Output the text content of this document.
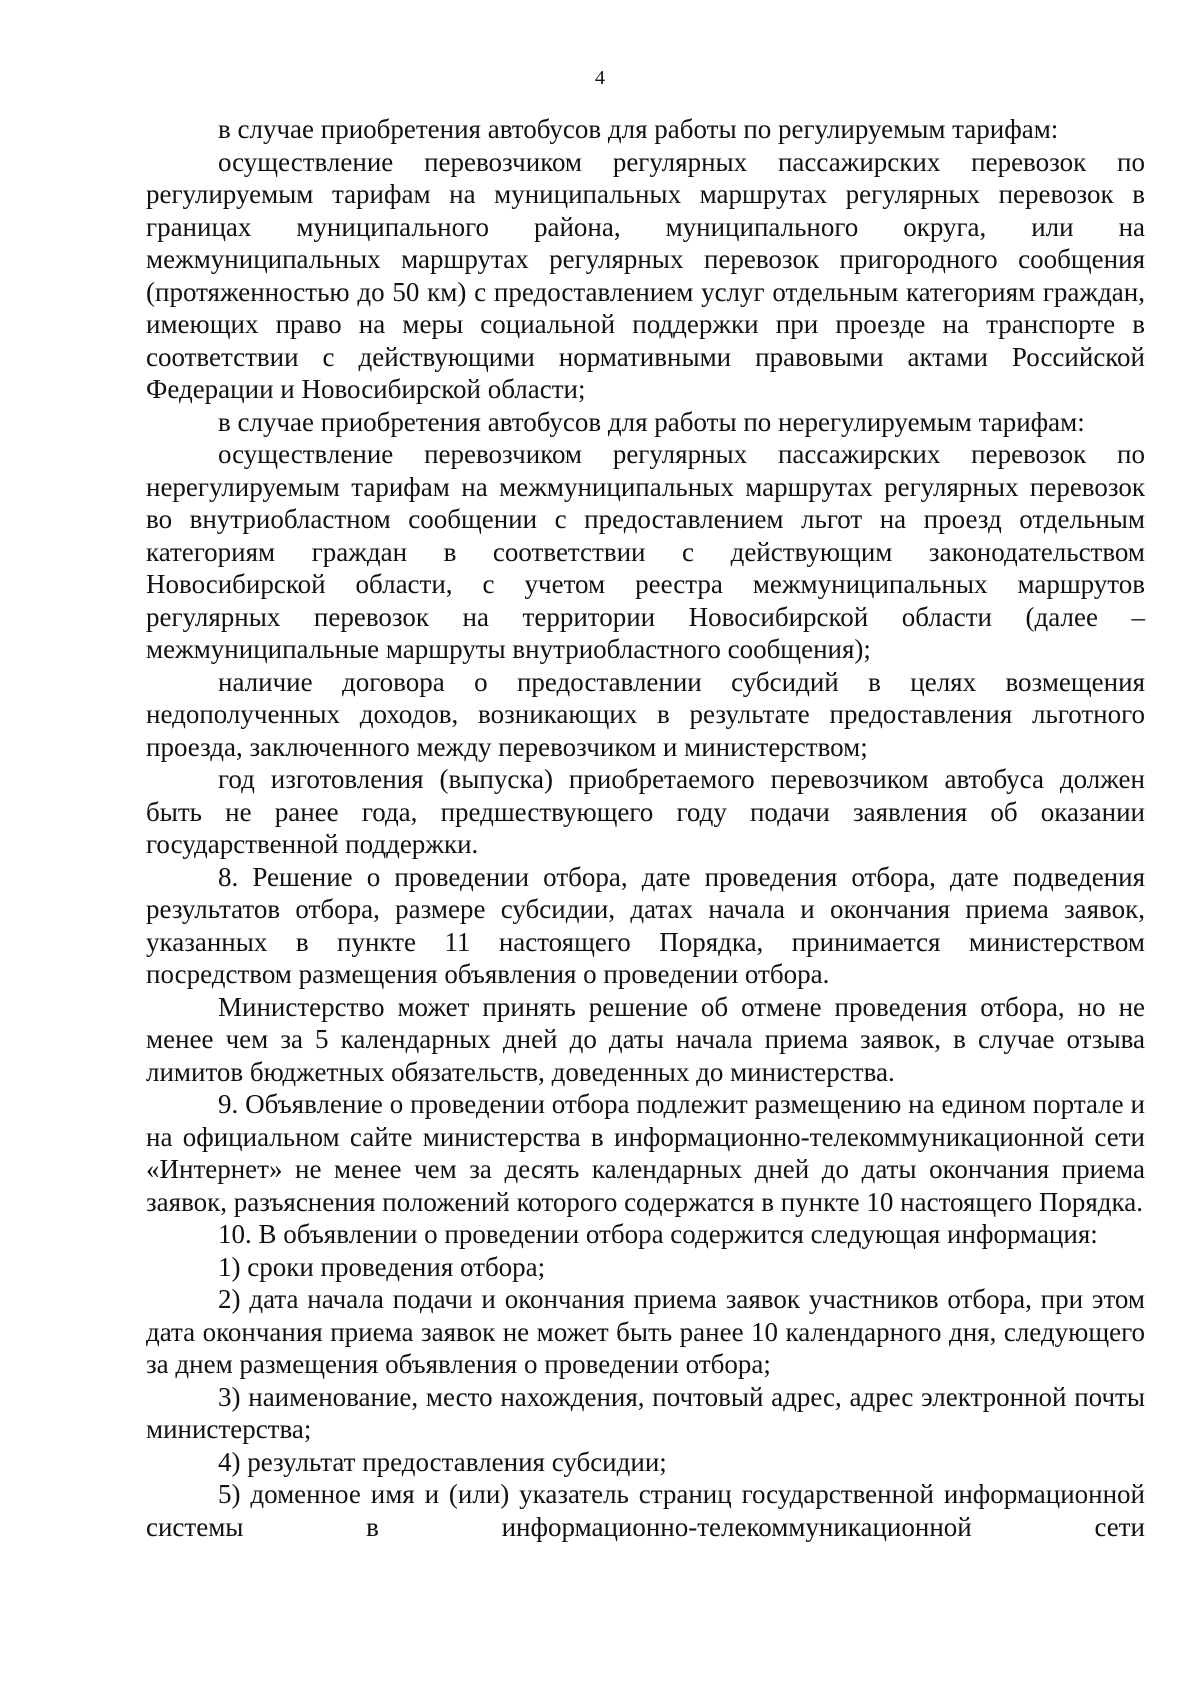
4

в случае приобретения автобусов для работы по регулируемым тарифам:

осуществление перевозчиком регулярных пассажирских перевозок по регулируемым тарифам на муниципальных маршрутах регулярных перевозок в границах муниципального района, муниципального округа, или на межмуниципальных маршрутах регулярных перевозок пригородного сообщения (протяженностью до 50 км) с предоставлением услуг отдельным категориям граждан, имеющих право на меры социальной поддержки при проезде на транспорте в соответствии с действующими нормативными правовыми актами Российской Федерации и Новосибирской области;

в случае приобретения автобусов для работы по нерегулируемым тарифам:

осуществление перевозчиком регулярных пассажирских перевозок по нерегулируемым тарифам на межмуниципальных маршрутах регулярных перевозок во внутриобластном сообщении с предоставлением льгот на проезд отдельным категориям граждан в соответствии с действующим законодательством Новосибирской области, с учетом реестра межмуниципальных маршрутов регулярных перевозок на территории Новосибирской области (далее – межмуниципальные маршруты внутриобластного сообщения);

наличие договора о предоставлении субсидий в целях возмещения недополученных доходов, возникающих в результате предоставления льготного проезда, заключенного между перевозчиком и министерством;

год изготовления (выпуска) приобретаемого перевозчиком автобуса должен быть не ранее года, предшествующего году подачи заявления об оказании государственной поддержки.

8. Решение о проведении отбора, дате проведения отбора, дате подведения результатов отбора, размере субсидии, датах начала и окончания приема заявок, указанных в пункте 11 настоящего Порядка, принимается министерством посредством размещения объявления о проведении отбора.

Министерство может принять решение об отмене проведения отбора, но не менее чем за 5 календарных дней до даты начала приема заявок, в случае отзыва лимитов бюджетных обязательств, доведенных до министерства.

9. Объявление о проведении отбора подлежит размещению на едином портале и на официальном сайте министерства в информационно-телекоммуникационной сети «Интернет» не менее чем за десять календарных дней до даты окончания приема заявок, разъяснения положений которого содержатся в пункте 10 настоящего Порядка.

10. В объявлении о проведении отбора содержится следующая информация:

1) сроки проведения отбора;

2) дата начала подачи и окончания приема заявок участников отбора, при этом дата окончания приема заявок не может быть ранее 10 календарного дня, следующего за днем размещения объявления о проведении отбора;

3) наименование, место нахождения, почтовый адрес, адрес электронной почты министерства;

4) результат предоставления субсидии;

5) доменное имя и (или) указатель страниц государственной информационной системы в информационно-телекоммуникационной сети
